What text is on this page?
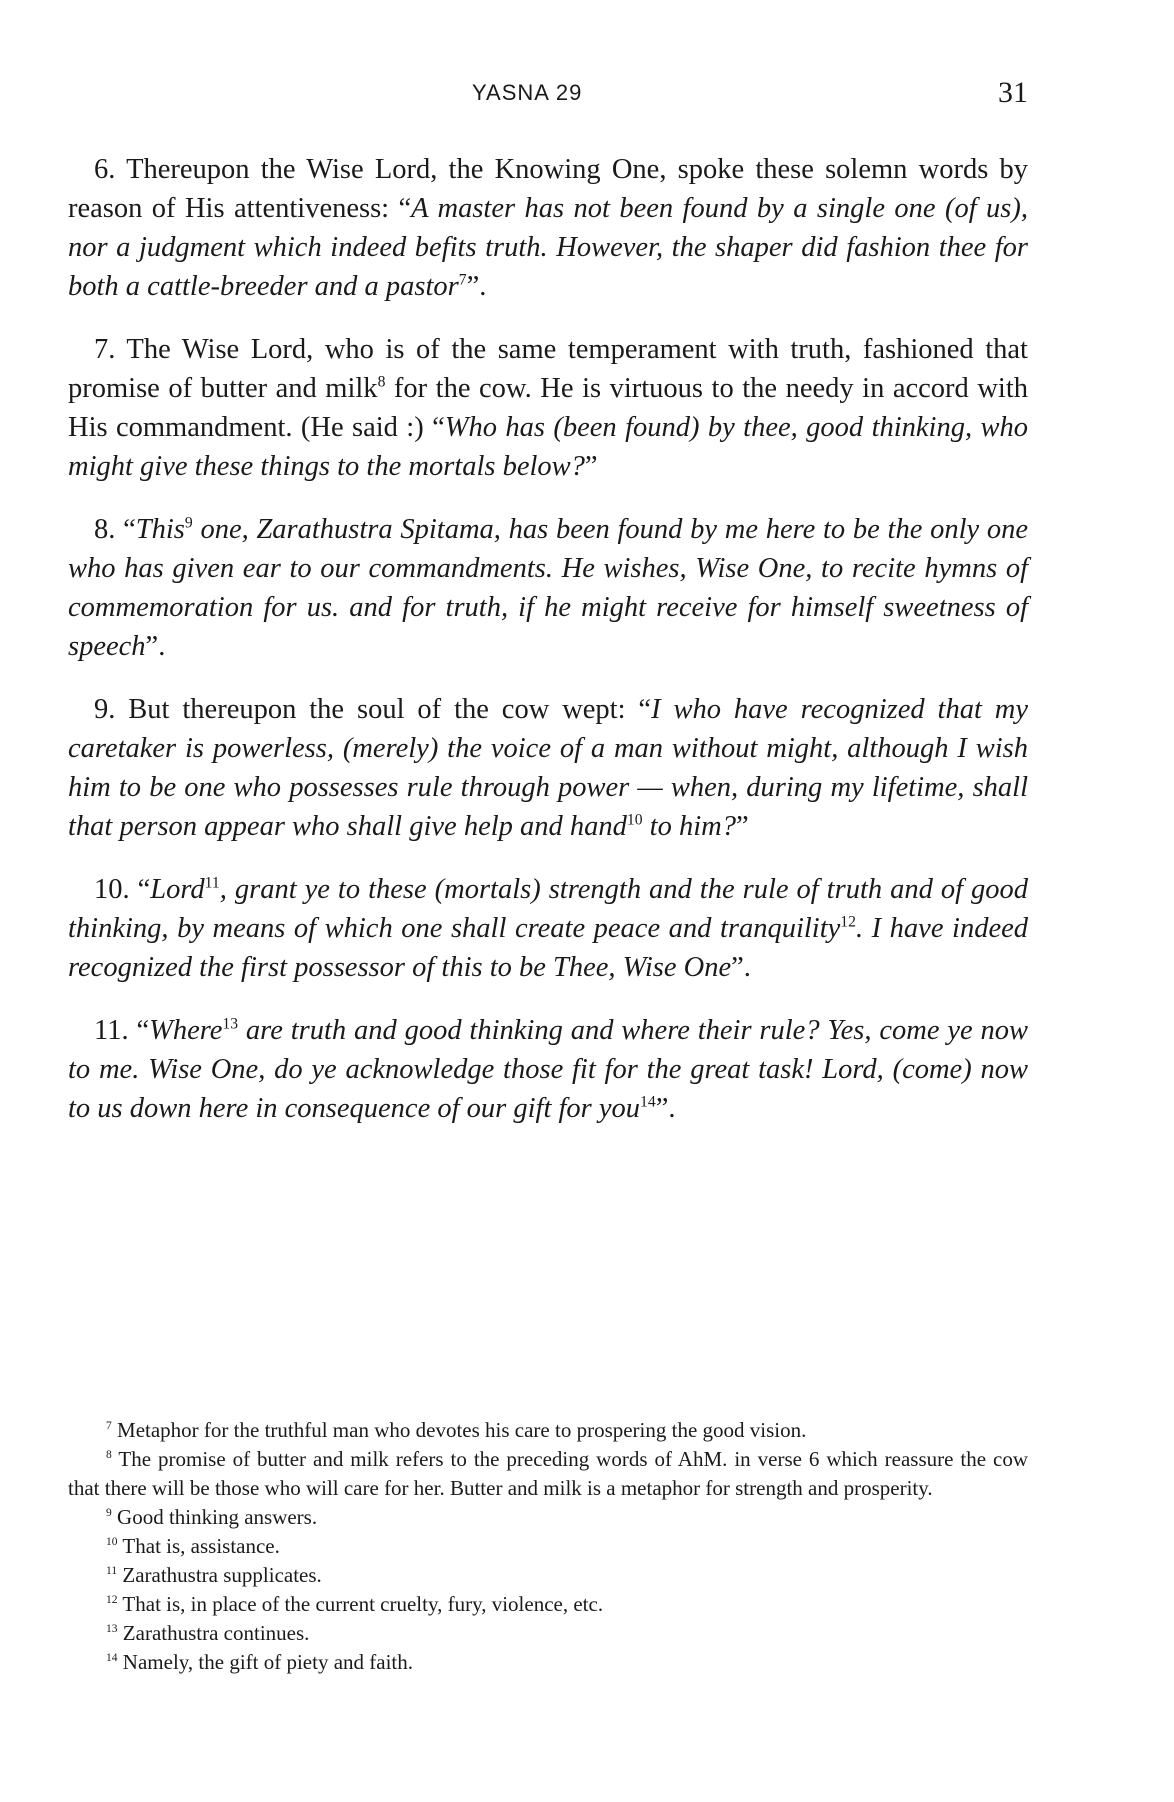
YASNA 29	31

6. Thereupon the Wise Lord, the Knowing One, spoke these solemn words by reason of His attentiveness: “A master has not been found by a single one (of us), nor a judgment which indeed befits truth. However, the shaper did fashion thee for both a cattle-breeder and a pastor$^7$”.

7. The Wise Lord, who is of the same temperament with truth, fashioned that promise of butter and milk$^8$ for the cow. He is virtuous to the needy in accord with His commandment. (He said :) “Who has (been found) by thee, good thinking, who might give these things to the mortals below?”

8. “This$^9$ one, Zarathustra Spitama, has been found by me here to be the only one who has given ear to our commandments. He wishes, Wise One, to recite hymns of commemoration for us. and for truth, if he might receive for himself sweetness of speech”.

9. But thereupon the soul of the cow wept: “I who have recognized that my caretaker is powerless, (merely) the voice of a man without might, although I wish him to be one who possesses rule through power — when, during my lifetime, shall that person appear who shall give help and hand$^{10}$ to him?”

10. “Lord$^{11}$, grant ye to these (mortals) strength and the rule of truth and of good thinking, by means of which one shall create peace and tranquility$^{12}$. I have indeed recognized the first possessor of this to be Thee, Wise One”.

11. “Where$^{13}$ are truth and good thinking and where their rule? Yes, come ye now to me. Wise One, do ye acknowledge those fit for the great task! Lord, (come) now to us down here in consequence of our gift for you$^{14}$”.

$^7$ Metaphor for the truthful man who devotes his care to prospering the good vision.

$^8$ The promise of butter and milk refers to the preceding words of AhM. in verse 6 which reassure the cow that there will be those who will care for her. Butter and milk is a metaphor for strength and prosperity.

$^9$ Good thinking answers.

$^{10}$ That is, assistance.

$^{11}$ Zarathustra supplicates.

$^{12}$ That is, in place of the current cruelty, fury, violence, etc.

$^{13}$ Zarathustra continues.

$^{14}$ Namely, the gift of piety and faith.
